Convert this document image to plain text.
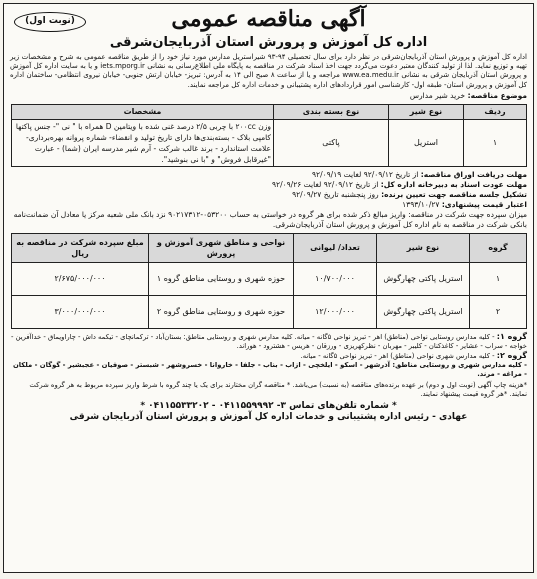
(نوبت اول)	آگهی مناقصه عمومی
اداره کل آموزش و پرورش استان آذربایجان‌شرقی
اداره کل آموزش و پرورش استان آذربایجان‌شرقی در نظر دارد برای سال تحصیلی ۹۴-۹۳ شیراستریل مدارس مورد نیاز خود را از طریق مناقصه عمومی به شرح و مشخصات زیر تهیه و توزیع نماید. لذا از تولید کنندگان معتبر دعوت می‌گردد جهت اخذ اسناد شرکت در مناقصه به پایگاه ملی اطلاع‌رسانی به نشانی iets.mporg.ir و یا به سایت اداره کل آموزش و پرورش استان آذربایجان شرقی به نشانی www.ea.medu.ir مراجعه و یا از ساعت ۸ صبح الی ۱۴ به آدرس: تبریز- خیابان ارتش جنوبی- خیابان نیروی انتظامی- ساختمان اداره کل آموزش و پرورش استان- طبقه اول- کارشناسی امور قراردادهای اداره پشتیبانی و خدمات اداره کل مراجعه نمایند.
موضوع مناقصه: خرید شیر مدارس
ردیف	نوع شیر	نوع بسته بندی	مشخصات
۱	استریل	پاکتی	وزن ۲۰۰cc با چربی ۲/۵ درصد غنی شده با ویتامین D همراه با " نی "- جنس پاکتها کامپی بلاک - بسته‌بندی‌ها دارای تاریخ تولید و انقضاء- شماره پروانه بهره‌برداری- علامت استاندارد - برند غالب شرکت - آرم شیر مدرسه ایران (شما) - عبارت "غیرقابل فروش" و "با نی بنوشید".
مهلت دریافت اوراق مناقصه: از تاریخ ۹۲/۰۹/۱۲ لغایت ۹۲/۰۹/۱۹
مهلت عودت اسناد به دبیرخانه اداره کل: از تاریخ ۹۲/۰۹/۱۲ لغایت ۹۲/۰۹/۲۶
تشکیل جلسه مناقصه جهت تعیین برنده: روز پنجشنبه تاریخ ۹۲/۰۹/۲۷
اعتبار قیمت پیشنهادی: ۱۳۹۳/۱۰/۲۷
میزان سپرده جهت شرکت در مناقصه: واریز مبالغ ذکر شده برای هر گروه در خواستی به حساب ۰۵۳۲۰۰-۹۰۲۱۷۳۱۲ نزد بانک ملی شعبه مرکز یا معادل آن ضمانت‌نامه بانکی شرکت در مناقصه به نام اداره کل آموزش و پرورش استان آذربایجان‌شرقی.
گروه	نوع شیر	تعداد/ لیوانی	نواحی و مناطق شهری آموزش و پرورش	مبلغ سپرده شرکت در مناقصه به ریال
۱	استریل پاکتی چهارگوش	۱۰/۷۰۰/۰۰۰	حوزه شهری و روستایی مناطق گروه ۱	۲/۶۷۵/۰۰۰/۰۰۰
۲	استریل پاکتی چهارگوش	۱۲/۰۰۰/۰۰۰	حوزه شهری و روستایی مناطق گروه ۲	۳/۰۰۰/۰۰۰/۰۰۰
گروه ۱: - کلیه مدارس روستایی نواحی (مناطق) اهر - تبریز نواحی ۵گانه - میانه. کلیه مدارس شهری و روستایی مناطق: بستان‌آباد - ترکمانچای - تیکمه داش - چاراویماق - خداآفرین - خواجه - سراب - عشایر - کاغذکنان - کلیبر - مهربان - نظرکهریزی - ورزقان - هریس - هشترود - هوراند.
گروه ۲: - کلیه مدارس شهری نواحی (مناطق) اهر - تبریز نواحی ۵گانه - میانه.
- کلیه مدارس شهری و روستایی مناطق: آذرشهر - اسکو - ایلخچی - ازاب - بناب - جلفا - خاروانا - خسروشهر - شبستر - صوفیان - عجبشیر - گوگان - ملکان - مراغه - مرند.
*هزینه چاپ آگهی (نوبت اول و دوم) بر عهده برنده‌های مناقصه (به نسبت) می‌باشد. * مناقصه گران مختارند برای یک یا چند گروه با شرط واریز سپرده مربوط به هر گروه شرکت نمایند. *هر گروه قیمت پیشنهاد نمایند.
* شماره تلفن‌های تماس ۳- ۰۴۱۱۵۵۹۹۹۲ - ۰۴۱۱۵۵۳۳۲۰۲ *
عهادی - رئیس اداره پشتیبانی و خدمات اداره کل آموزش و پرورش استان آذربایجان شرقی
